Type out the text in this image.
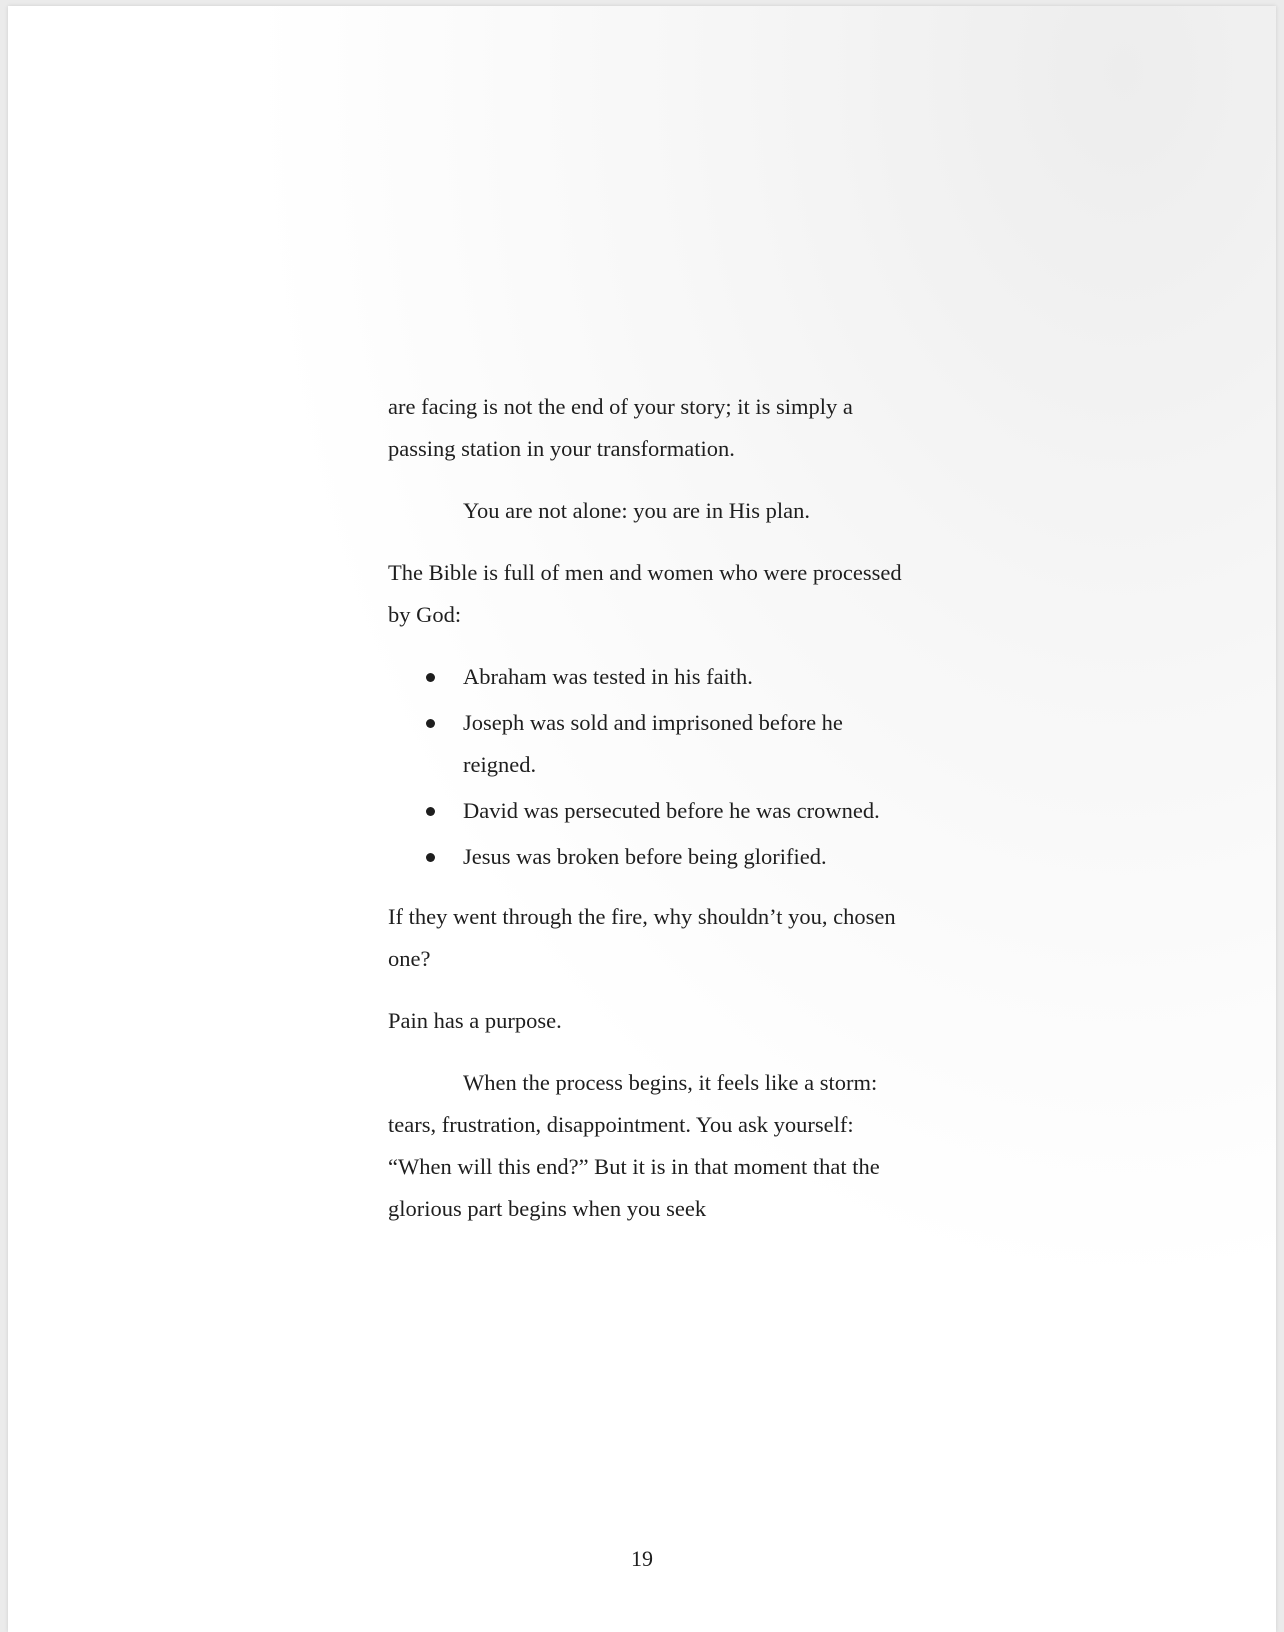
are facing is not the end of your story; it is simply a passing station in your transformation.

You are not alone: you are in His plan.

The Bible is full of men and women who were processed by God:

Abraham was tested in his faith.
Joseph was sold and imprisoned before he reigned.
David was persecuted before he was crowned.
Jesus was broken before being glorified.

If they went through the fire, why shouldn’t you, chosen one?

Pain has a purpose.

When the process begins, it feels like a storm: tears, frustration, disappointment. You ask yourself: “When will this end?” But it is in that moment that the glorious part begins when you seek

19
